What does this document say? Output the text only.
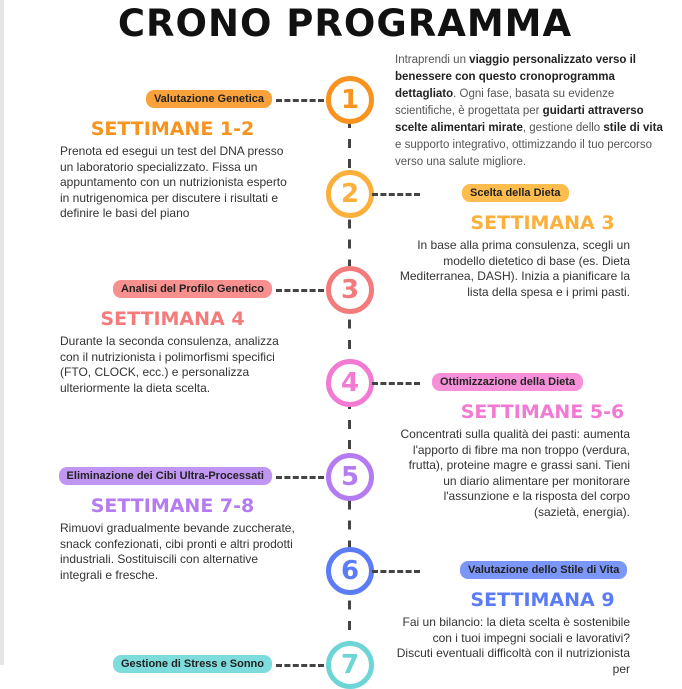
CRONO PROGRAMMA
Intraprendi un viaggio personalizzato verso il benessere con questo cronoprogramma dettagliato. Ogni fase, basata su evidenze scientifiche, è progettata per guidarti attraverso scelte alimentari mirate, gestione dello stile di vita e supporto integrativo, ottimizzando il tuo percorso verso una salute migliore.
1
Valutazione Genetica
SETTIMANE 1-2
Prenota ed esegui un test del DNA presso un laboratorio specializzato. Fissa un appuntamento con un nutrizionista esperto in nutrigenomica per discutere i risultati e definire le basi del piano
2	Scelta della Dieta
SETTIMANA 3
In base alla prima consulenza, scegli un modello dietetico di base (es. Dieta Mediterranea, DASH). Inizia a pianificare la lista della spesa e i primi pasti.
3
Analisi del Profilo Genetico
SETTIMANA 4
Durante la seconda consulenza, analizza con il nutrizionista i polimorfismi specifici (FTO, CLOCK, ecc.) e personalizza ulteriormente la dieta scelta.	4	Ottimizzazione della Dieta
SETTIMANE 5-6
Concentrati sulla qualità dei pasti: aumenta l'apporto di fibre ma non troppo (verdura, frutta), proteine magre e grassi sani. Tieni un diario alimentare per monitorare l'assunzione e la risposta del corpo (sazietà, energia).
5
Eliminazione dei Cibi Ultra-Processati
SETTIMANE 7-8
Rimuovi gradualmente bevande zuccherate, snack confezionati, cibi pronti e altri prodotti industriali. Sostituiscili con alternative integrali e fresche.	6	Valutazione dello Stile di Vita
SETTIMANA 9
Fai un bilancio: la dieta scelta è sostenibile con i tuoi impegni sociali e lavorativi? Discuti eventuali difficoltà con il nutrizionista per
7
Gestione di Stress e Sonno
